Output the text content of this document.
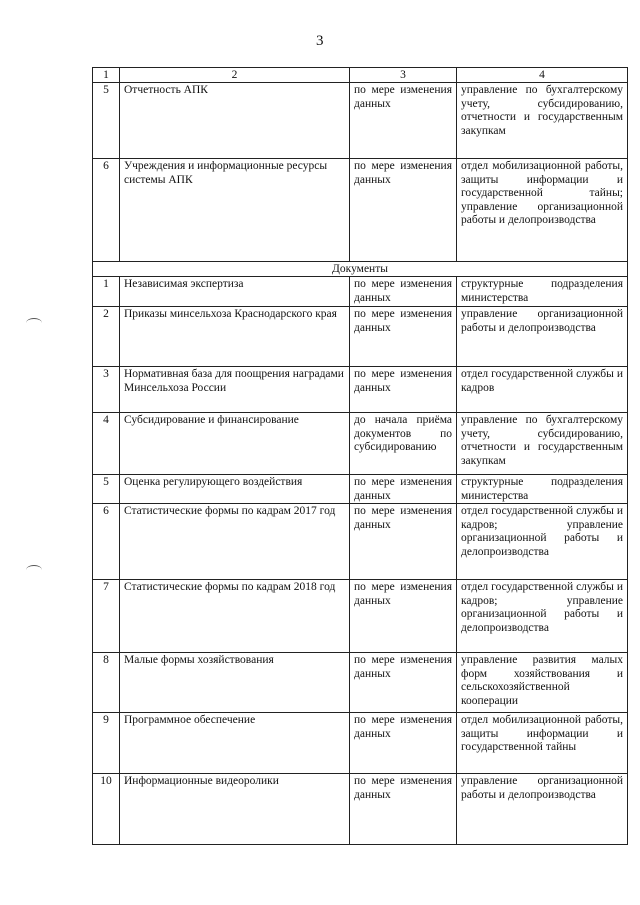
3
1	2	3	4
5	Отчетность АПК	по мере изменения данных	управление по бухгалтерскому учету, субсидированию, отчетности и государственным закупкам
6	Учреждения и информационные ресурсы системы АПК	по мере изменения данных	отдел мобилизационной работы, защиты информации и государственной тайны; управление организационной работы и делопроизводства
Документы			
1	Независимая экспертиза	по мере изменения данных	структурные подразделения министерства
2	Приказы минсельхоза Краснодарского края	по мере изменения данных	управление организационной работы и делопроизводства
3	Нормативная база для поощрения наградами Минсельхоза России	по мере изменения данных	отдел государственной службы и кадров
4	Субсидирование и финансирование	до начала приёма документов по субсидированию	управление по бухгалтерскому учету, субсидированию, отчетности и государственным закупкам
5	Оценка регулирующего воздействия	по мере изменения данных	структурные подразделения министерства
6	Статистические формы по кадрам 2017 год	по мере изменения данных	отдел государственной службы и кадров; управление организационной работы и делопроизводства
7	Статистические формы по кадрам 2018 год	по мере изменения данных	отдел государственной службы и кадров; управление организационной работы и делопроизводства
8	Малые формы хозяйствования	по мере изменения данных	управление развития малых форм хозяйствования и сельскохозяйственной кооперации
9	Программное обеспечение	по мере изменения данных	отдел мобилизационной работы, защиты информации и государственной тайны
10	Информационные видеоролики	по мере изменения данных	управление организационной работы и делопроизводства
